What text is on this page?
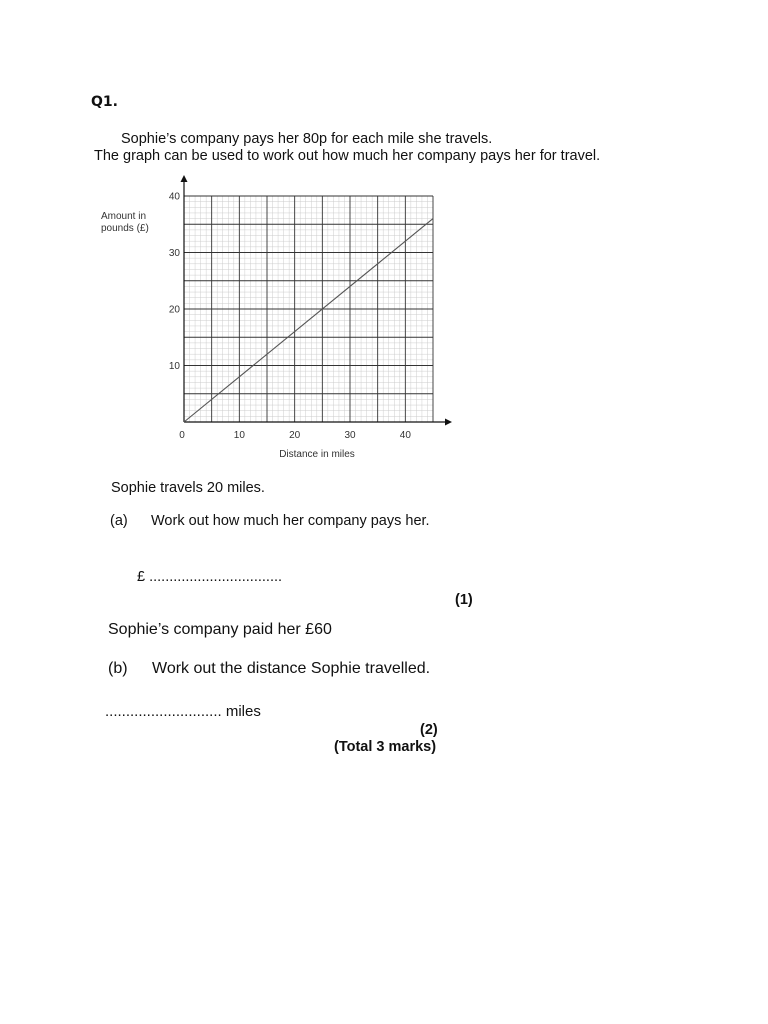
Q1.
Sophie’s company pays her 80p for each mile she travels.
The graph can be used to work out how much her company pays her for travel.
0	10	20	30	40
10
20
30
40
Distance in miles
Amount in
pounds (£)
Sophie travels 20 miles.
(a) Work out how much her company pays her.
£ .................................
(1)
Sophie’s company paid her £60
(b) Work out the distance Sophie travelled.
............................ miles
(2)
(Total 3 marks)
